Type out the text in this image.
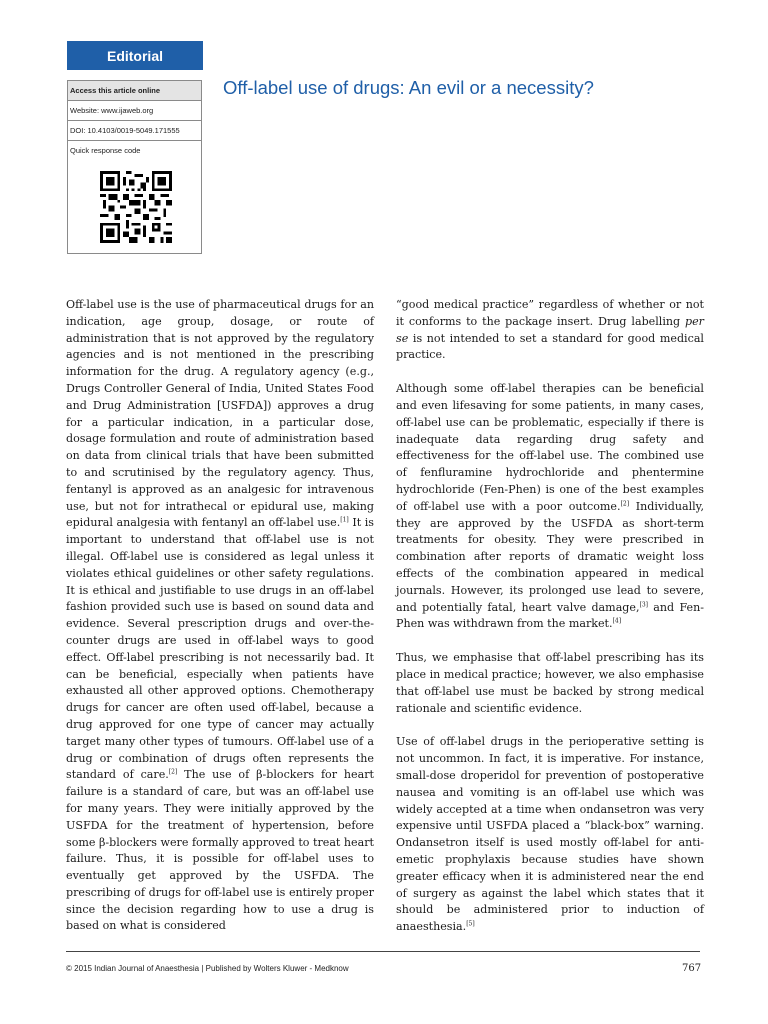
Editorial
Access this article online
Website: www.ijaweb.org
DOI: 10.4103/0019-5049.171555
Quick response code
Off-label use of drugs: An evil or a necessity?

Off-label use is the use of pharmaceutical drugs for an indication, age group, dosage, or route of administration that is not approved by the regulatory agencies and is not mentioned in the prescribing information for the drug. A regulatory agency (e.g., Drugs Controller General of India, United States Food and Drug Administration [USFDA]) approves a drug for a particular indication, in a particular dose, dosage formulation and route of administration based on data from clinical trials that have been submitted to and scrutinised by the regulatory agency. Thus, fentanyl is approved as an analgesic for intravenous use, but not for intrathecal or epidural use, making epidural analgesia with fentanyl an off-label use.[1] It is important to understand that off-label use is not illegal. Off-label use is considered as legal unless it violates ethical guidelines or other safety regulations. It is ethical and justifiable to use drugs in an off-label fashion provided such use is based on sound data and evidence. Several prescription drugs and over-the-counter drugs are used in off-label ways to good effect. Off-label prescribing is not necessarily bad. It can be beneficial, especially when patients have exhausted all other approved options. Chemotherapy drugs for cancer are often used off-label, because a drug approved for one type of cancer may actually target many other types of tumours. Off-label use of a drug or combination of drugs often represents the standard of care.[2] The use of β-blockers for heart failure is a standard of care, but was an off-label use for many years. They were initially approved by the USFDA for the treatment of hypertension, before some β-blockers were formally approved to treat heart failure. Thus, it is possible for off-label uses to eventually get approved by the USFDA. The prescribing of drugs for off-label use is entirely proper since the decision regarding how to use a drug is based on what is considered

“good medical practice” regardless of whether or not it conforms to the package insert. Drug labelling per se is not intended to set a standard for good medical practice.

Although some off-label therapies can be beneficial and even lifesaving for some patients, in many cases, off-label use can be problematic, especially if there is inadequate data regarding drug safety and effectiveness for the off-label use. The combined use of fenfluramine hydrochloride and phentermine hydrochloride (Fen-Phen) is one of the best examples of off-label use with a poor outcome.[2] Individually, they are approved by the USFDA as short-term treatments for obesity. They were prescribed in combination after reports of dramatic weight loss effects of the combination appeared in medical journals. However, its prolonged use lead to severe, and potentially fatal, heart valve damage,[3] and Fen-Phen was withdrawn from the market.[4]

Thus, we emphasise that off-label prescribing has its place in medical practice; however, we also emphasise that off-label use must be backed by strong medical rationale and scientific evidence.

Use of off-label drugs in the perioperative setting is not uncommon. In fact, it is imperative. For instance, small-dose droperidol for prevention of postoperative nausea and vomiting is an off-label use which was widely accepted at a time when ondansetron was very expensive until USFDA placed a “black-box” warning. Ondansetron itself is used mostly off-label for anti-emetic prophylaxis because studies have shown greater efficacy when it is administered near the end of surgery as against the label which states that it should be administered prior to induction of anaesthesia.[5]

© 2015 Indian Journal of Anaesthesia | Published by Wolters Kluwer - Medknow	767
